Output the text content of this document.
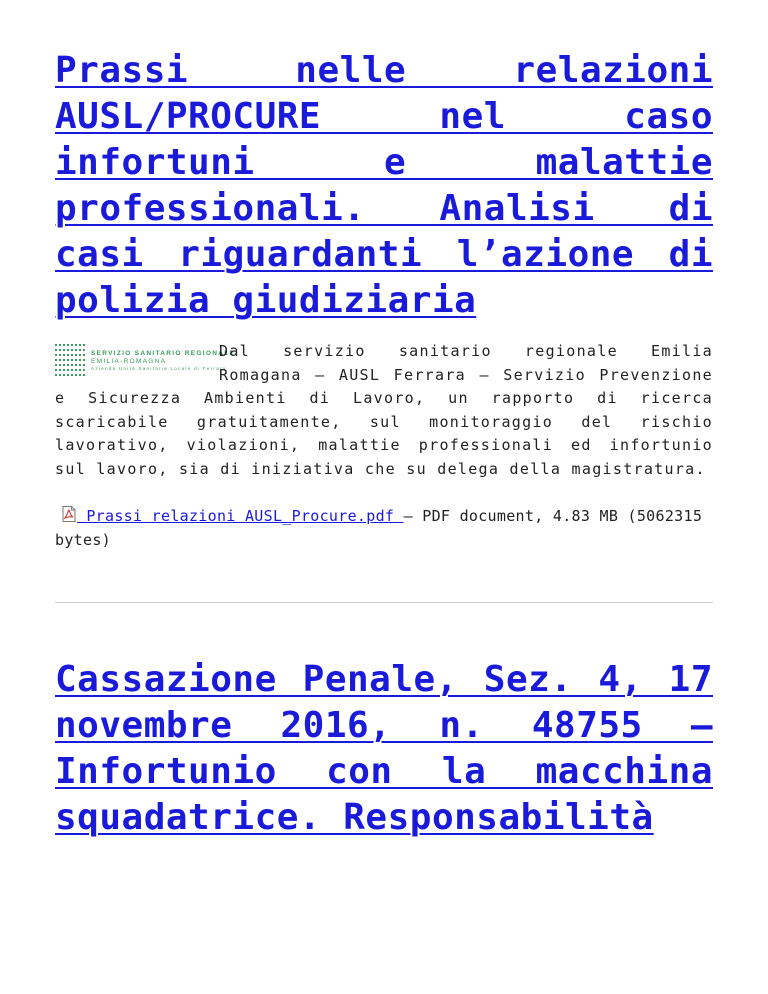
Prassi nelle relazioni AUSL/PROCURE nel caso infortuni e malattie professionali. Analisi di casi riguardanti l’azione di polizia giudiziaria
SERVIZIO SANITARIO REGIONALE
EMILIA-ROMAGNA
Azienda Unità Sanitaria Locale di Ferrara
Dal servizio sanitario regionale Emilia Romagana – AUSL Ferrara – Servizio Prevenzione e Sicurezza Ambienti di Lavoro, un rapporto di ricerca scaricabile gratuitamente, sul monitoraggio del rischio lavorativo, violazioni, malattie professionali ed infortunio sul lavoro, sia di iniziativa che su delega della magistratura.
Prassi relazioni AUSL_Procure.pdf — PDF document, 4.83 MB (5062315 bytes)
Cassazione Penale, Sez. 4, 17 novembre 2016, n. 48755 – Infortunio con la macchina squadatrice. Responsabilità
